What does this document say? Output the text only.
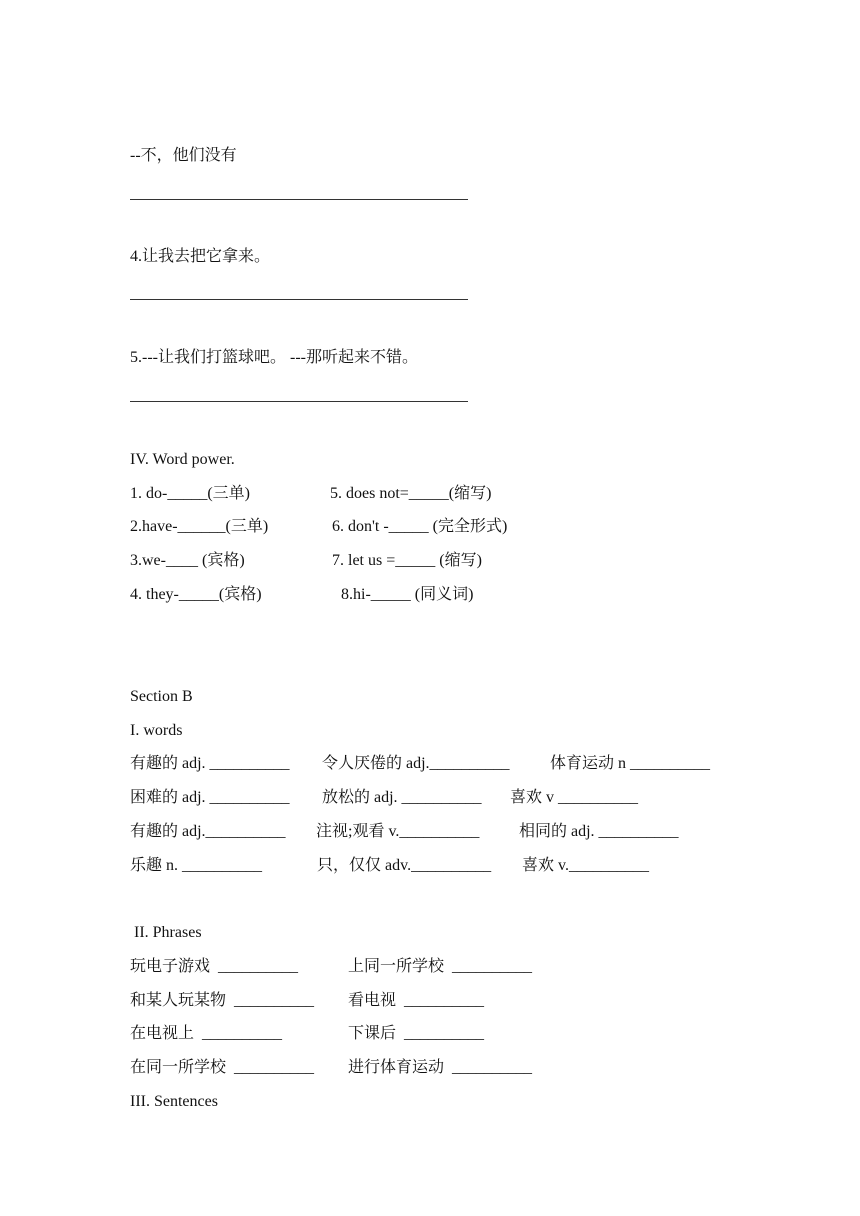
--不，他们没有
4.让我去把它拿来。
5.---让我们打篮球吧。 ---那听起来不错。
IV. Word power.
1. do-_____(三单)	5. does not=_____(缩写)
2.have-______(三单)	6. don't -_____ (完全形式)
3.we-____ (宾格)	7. let us =_____ (缩写)
4. they-_____(宾格)	8.hi-_____ (同义词)
Section B
I. words
有趣的 adj. __________ 令人厌倦的 adj.__________	体育运动 n __________
困难的 adj. __________ 放松的 adj. __________ 喜欢 v __________
有趣的 adj.__________ 注视;观看 v.__________ 相同的 adj. __________
乐趣 n. __________	只，仅仅 adv.__________ 喜欢 v.__________
II. Phrases
玩电子游戏  __________	上同一所学校  __________
和某人玩某物  __________ 看电视  __________
在电视上  __________	下课后  __________
在同一所学校  __________ 进行体育运动  __________
III. Sentences
